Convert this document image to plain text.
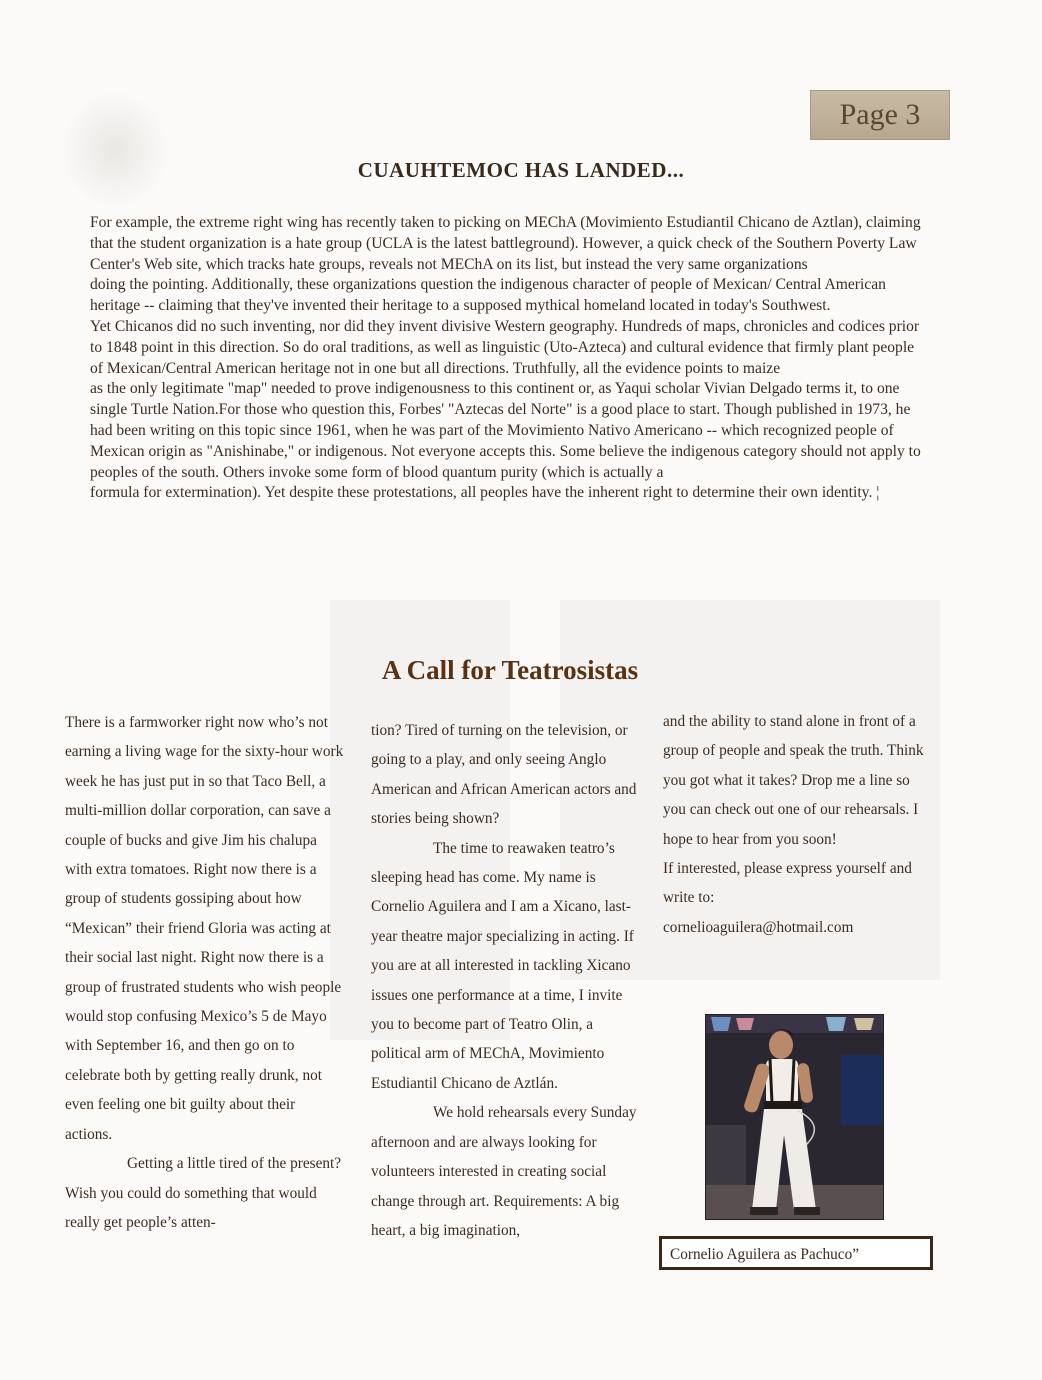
Page 3
CUAUHTEMOC HAS LANDED...

For example, the extreme right wing has recently taken to picking on MEChA (Movimiento Estudiantil Chicano de Aztlan), claiming that the student organization is a hate group (UCLA is the latest battleground). However, a quick check of the Southern Poverty Law Center's Web site, which tracks hate groups, reveals not MEChA on its list, but instead the very same organizations

doing the pointing. Additionally, these organizations question the indigenous character of people of Mexican/ Central American heritage -- claiming that they've invented their heritage to a supposed mythical homeland located in today's Southwest.

Yet Chicanos did no such inventing, nor did they invent divisive Western geography. Hundreds of maps, chronicles and codices prior to 1848 point in this direction. So do oral traditions, as well as linguistic (Uto-Azteca) and cultural evidence that firmly plant people of Mexican/Central American heritage not in one but all directions. Truthfully, all the evidence points to maize

as the only legitimate "map" needed to prove indigenousness to this continent or, as Yaqui scholar Vivian Delgado terms it, to one single Turtle Nation.For those who question this, Forbes' "Aztecas del Norte" is a good place to start. Though published in 1973, he had been writing on this topic since 1961, when he was part of the Movimiento Nativo Americano -- which recognized people of Mexican origin as "Anishinabe," or indigenous. Not everyone accepts this. Some believe the indigenous category should not apply to peoples of the south. Others invoke some form of blood quantum purity (which is actually a

formula for extermination). Yet despite these protestations, all peoples have the inherent right to determine their own identity. ¦

A Call for Teatrosistas

There is a farmworker right now who’s not earning a living wage for the sixty-hour work week he has just put in so that Taco Bell, a multi-million dollar corporation, can save a couple of bucks and give Jim his chalupa with extra tomatoes. Right now there is a group of students gossiping about how “Mexican” their friend Gloria was acting at their social last night. Right now there is a group of frustrated students who wish people would stop confusing Mexico’s 5 de Mayo with September 16, and then go on to celebrate both by getting really drunk, not even feeling one bit guilty about their actions.

Getting a little tired of the present? Wish you could do something that would really get people’s atten-

tion? Tired of turning on the television, or going to a play, and only seeing Anglo American and African American actors and stories being shown?

The time to reawaken teatro’s sleeping head has come. My name is Cornelio Aguilera and I am a Xicano, last-year theatre major specializing in acting. If you are at all interested in tackling Xicano issues one performance at a time, I invite you to become part of Teatro Olin, a political arm of MEChA, Movimiento Estudiantil Chicano de Aztlán.

We hold rehearsals every Sunday afternoon and are always looking for volunteers interested in creating social change through art. Requirements: A big heart, a big imagination,

and the ability to stand alone in front of a group of people and speak the truth. Think you got what it takes? Drop me a line so you can check out one of our rehearsals. I hope to hear from you soon!

If interested, please express yourself and write to:

cornelioaguilera@hotmail.com

Cornelio Aguilera as Pachuco”
